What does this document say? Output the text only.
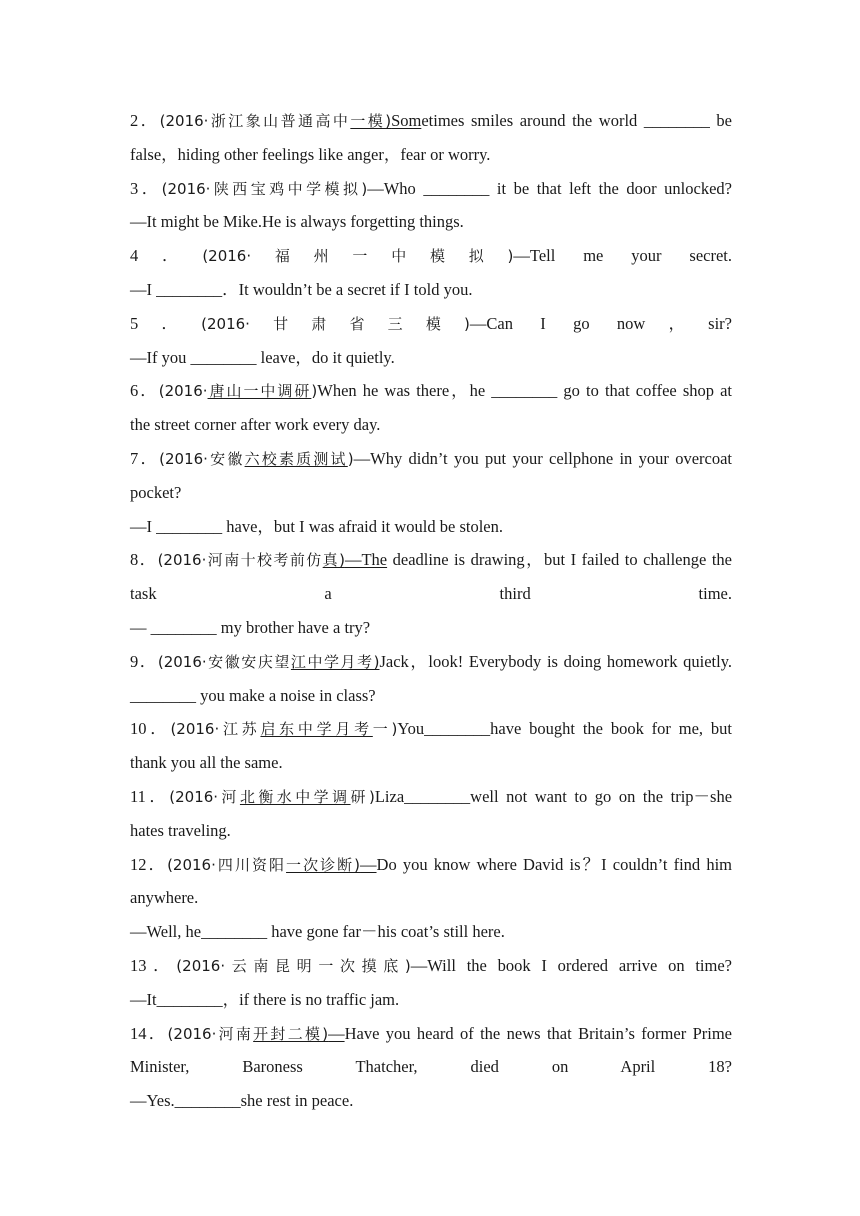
2．(2016·浙江象山普通高中一模)Sometimes smiles around the world ________ be
false，hiding other feelings like anger，fear or worry.
3．(2016·陕西宝鸡中学模拟)—Who ________ it be that left the door unlocked?
—It might be Mike.He is always forgetting things.
4．(2016·福州一中模拟)—Tell me your secret.
—I ________．It wouldn’t be a secret if I told you.
5．(2016·甘肃省三模)—Can I go now，sir?
—If you ________ leave，do it quietly.
6．(2016·唐山一中调研)When he was there，he ________ go to that coffee shop at
the street corner after work every day.
7．(2016·安徽六校素质测试)—Why didn’t you put your cellphone in your overcoat
pocket?
—I ________ have，but I was afraid it would be stolen.
8．(2016·河南十校考前仿真)—The deadline is drawing，but I failed to challenge the
task a third time.
— ________ my brother have a try?
9．(2016·安徽安庆望江中学月考)Jack，look! Everybody is doing homework quietly.
________ you make a noise in class?
10．(2016·江苏启东中学月考一)You________have bought the book for me, but
thank you all the same.
11．(2016·河北衡水中学调研)Liza________well not want to go on the trip－she
hates traveling.
12．(2016·四川资阳一次诊断)—Do you know where David is？I couldn’t find him
anywhere.
—Well, he________ have gone far－his coat’s still here.
13．(2016·云南昆明一次摸底)—Will the book I ordered arrive on time?
—It________，if there is no traffic jam.
14．(2016·河南开封二模)—Have you heard of the news that Britain’s former Prime
Minister, Baroness Thatcher, died on April 18?
—Yes.________she rest in peace.
